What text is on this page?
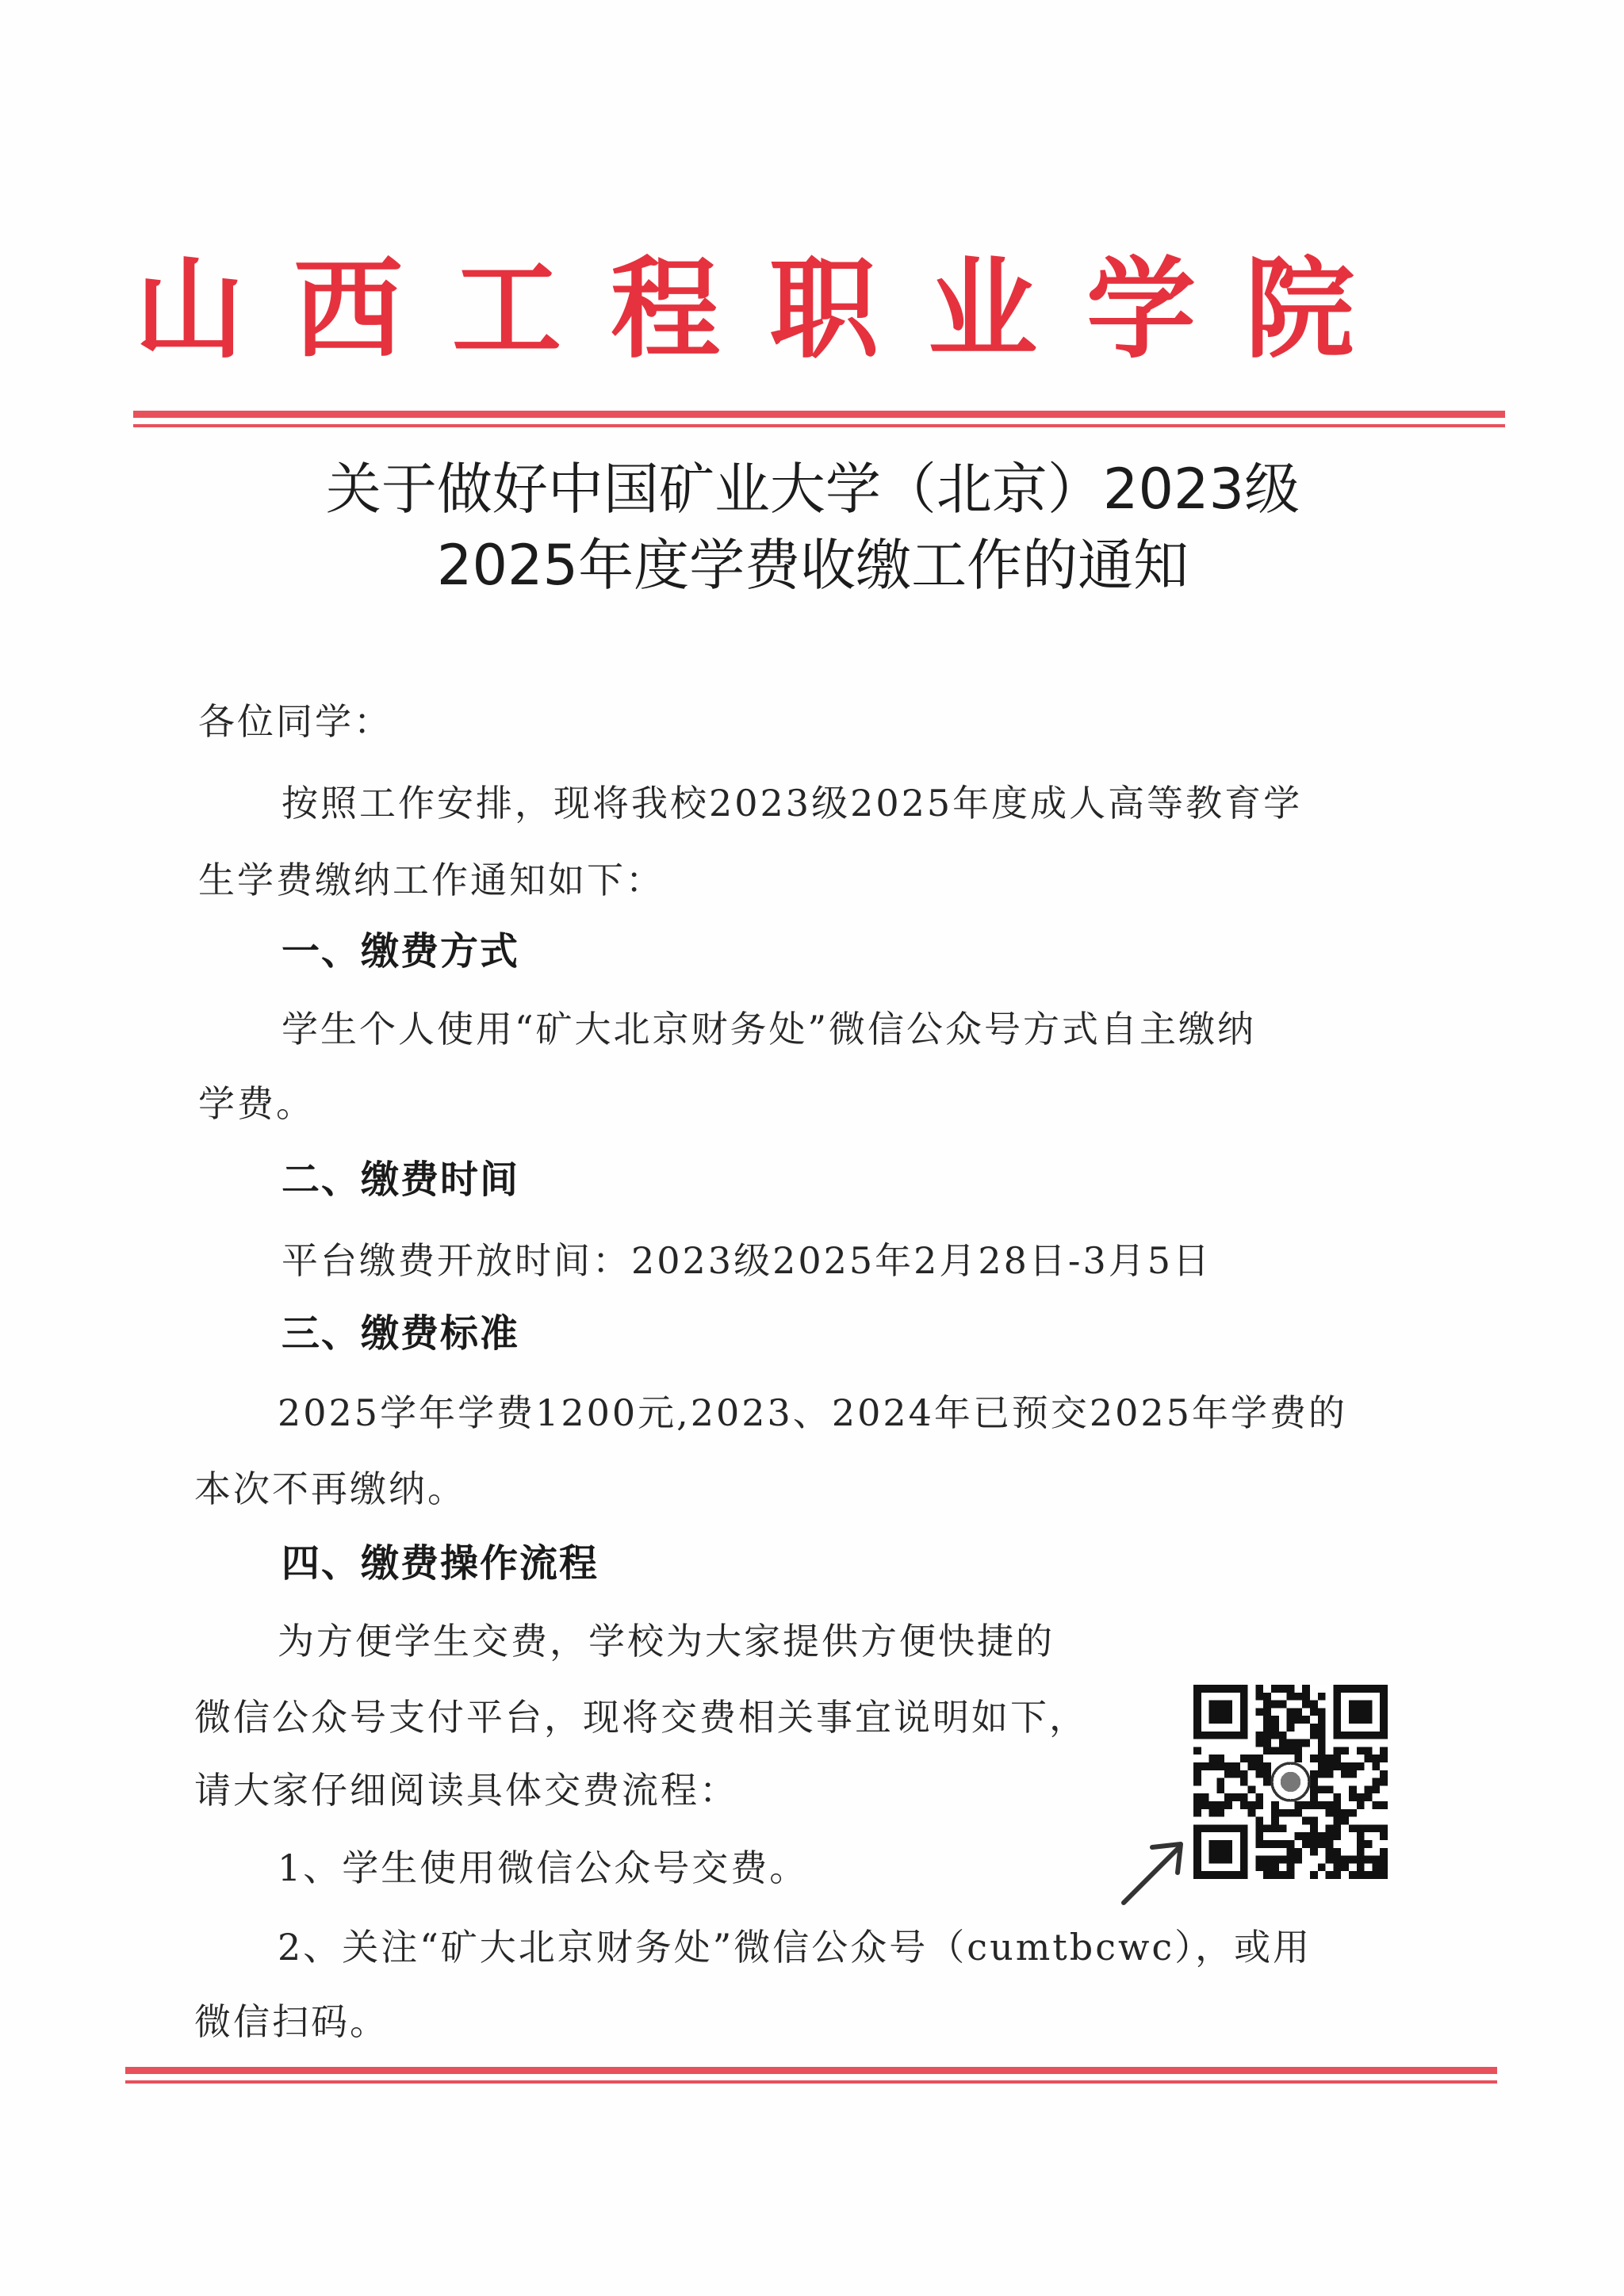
山西工程职业学院
关于做好中国矿业大学（北京）2023级
2025年度学费收缴工作的通知
各位同学：
按照工作安排，现将我校2023级2025年度成人高等教育学
生学费缴纳工作通知如下：
一、缴费方式
学生个人使用“矿大北京财务处”微信公众号方式自主缴纳
学费。
二、缴费时间
平台缴费开放时间：2023级2025年2月28日-3月5日
三、缴费标准
2025学年学费1200元,2023、2024年已预交2025年学费的
本次不再缴纳。
四、缴费操作流程
为方便学生交费，学校为大家提供方便快捷的
微信公众号支付平台，现将交费相关事宜说明如下，
请大家仔细阅读具体交费流程：
1、学生使用微信公众号交费。
2、关注“矿大北京财务处”微信公众号（cumtbcwc），或用
微信扫码。
